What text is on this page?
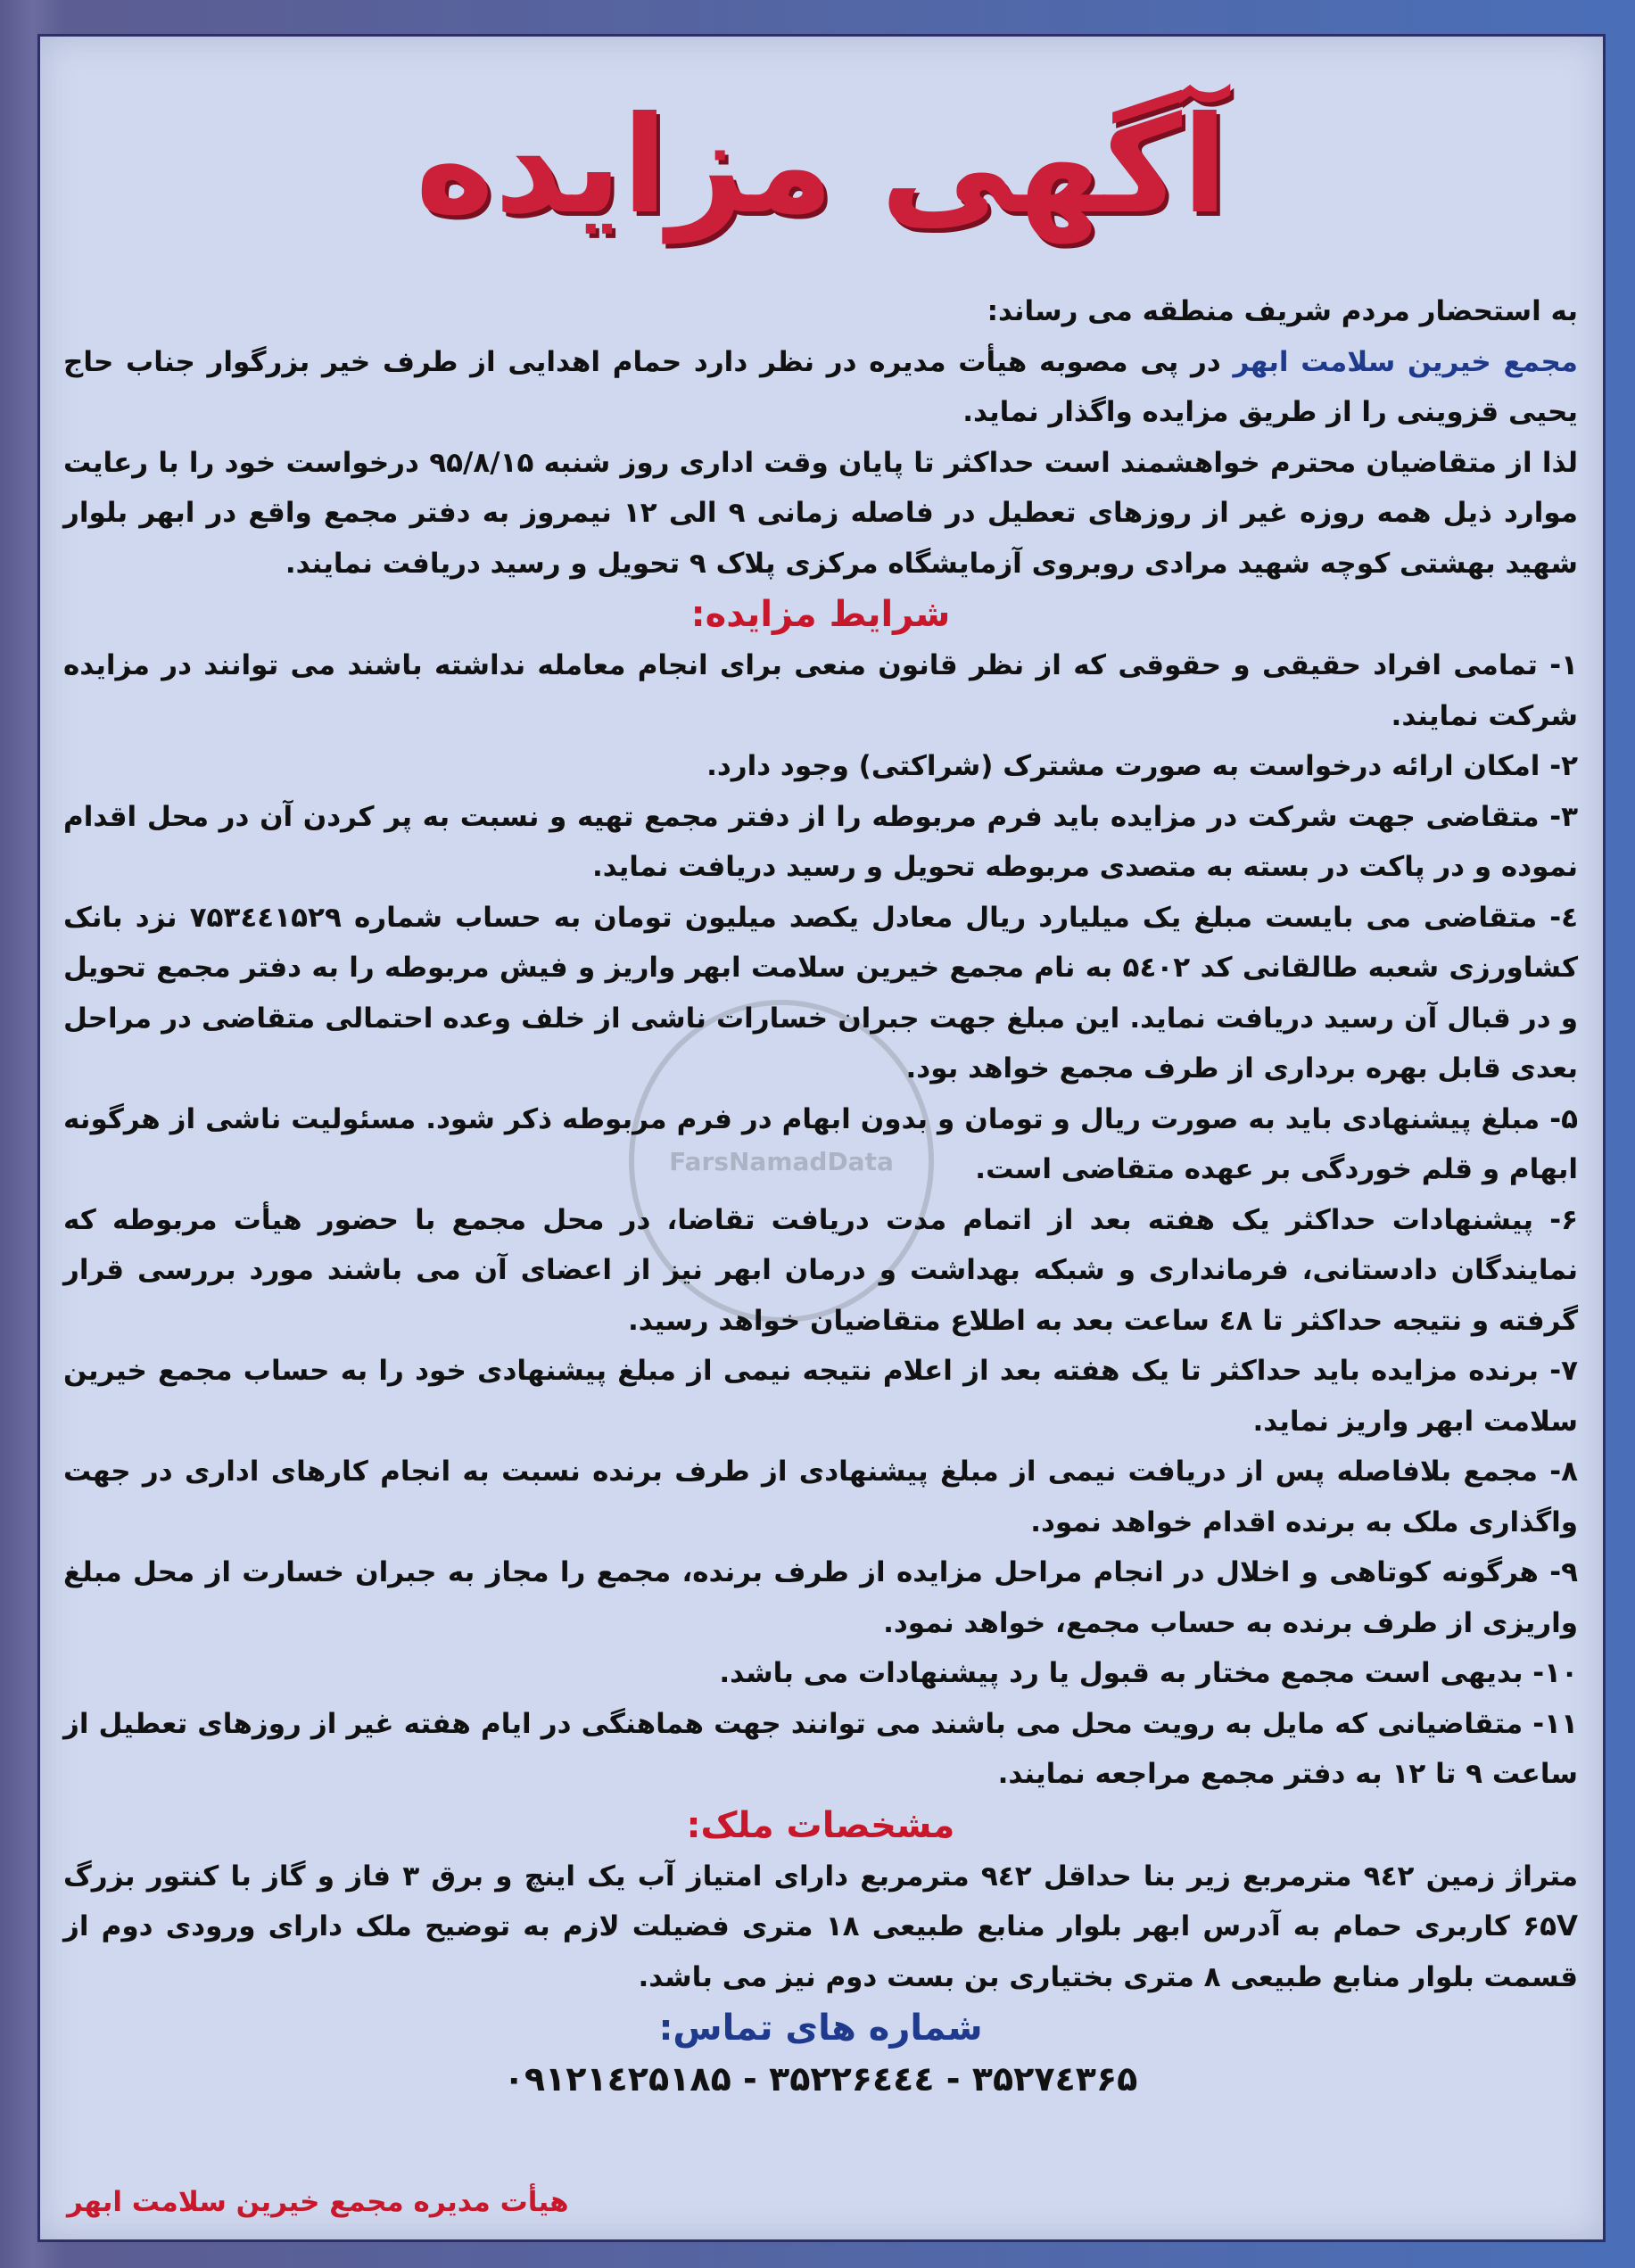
آگهی مزایده
FarsNamadData

به استحضار مردم شریف منطقه می رساند:

مجمع خیرین سلامت ابهر در پی مصوبه هیأت مدیره در نظر دارد حمام اهدایی از طرف خیر بزرگوار جناب حاج یحیی قزوینی را از طریق مزایده واگذار نماید.

لذا از متقاضیان محترم خواهشمند است حداکثر تا پایان وقت اداری روز شنبه ۹۵/۸/۱۵ درخواست خود را با رعایت موارد ذیل همه روزه غیر از روزهای تعطیل در فاصله زمانی ۹ الی ۱۲ نیمروز به دفتر مجمع واقع در ابهر بلوار شهید بهشتی کوچه شهید مرادی روبروی آزمایشگاه مرکزی پلاک ۹ تحویل و رسید دریافت نمایند.

شرایط مزایده:

۱- تمامی افراد حقیقی و حقوقی که از نظر قانون منعی برای انجام معامله نداشته باشند می توانند در مزایده شرکت نمایند.

۲- امکان ارائه درخواست به صورت مشترک (شراکتی) وجود دارد.

۳- متقاضی جهت شرکت در مزایده باید فرم مربوطه را از دفتر مجمع تهیه و نسبت به پر کردن آن در محل اقدام نموده و در پاکت در بسته به متصدی مربوطه تحویل و رسید دریافت نماید.

٤- متقاضی می بایست مبلغ یک میلیارد ریال معادل یکصد میلیون تومان به حساب شماره ۷۵۳٤٤۱۵۲۹ نزد بانک کشاورزی شعبه طالقانی کد ۵٤۰۲ به نام مجمع خیرین سلامت ابهر واریز و فیش مربوطه را به دفتر مجمع تحویل و در قبال آن رسید دریافت نماید. این مبلغ جهت جبران خسارات ناشی از خلف وعده احتمالی متقاضی در مراحل بعدی قابل بهره برداری از طرف مجمع خواهد بود.

۵- مبلغ پیشنهادی باید به صورت ریال و تومان و بدون ابهام در فرم مربوطه ذکر شود. مسئولیت ناشی از هرگونه ابهام و قلم خوردگی بر عهده متقاضی است.

۶- پیشنهادات حداکثر یک هفته بعد از اتمام مدت دریافت تقاضا، در محل مجمع با حضور هیأت مربوطه که نمایندگان دادستانی، فرمانداری و شبکه بهداشت و درمان ابهر نیز از اعضای آن می باشند مورد بررسی قرار گرفته و نتیجه حداکثر تا ٤۸ ساعت بعد به اطلاع متقاضیان خواهد رسید.

۷- برنده مزایده باید حداکثر تا یک هفته بعد از اعلام نتیجه نیمی از مبلغ پیشنهادی خود را به حساب مجمع خیرین سلامت ابهر واریز نماید.

۸- مجمع بلافاصله پس از دریافت نیمی از مبلغ پیشنهادی از طرف برنده نسبت به انجام کارهای اداری در جهت واگذاری ملک به برنده اقدام خواهد نمود.

۹- هرگونه کوتاهی و اخلال در انجام مراحل مزایده از طرف برنده، مجمع را مجاز به جبران خسارت از محل مبلغ واریزی از طرف برنده به حساب مجمع، خواهد نمود.

۱۰- بدیهی است مجمع مختار به قبول یا رد پیشنهادات می باشد.

۱۱- متقاضیانی که مایل به رویت محل می باشند می توانند جهت هماهنگی در ایام هفته غیر از روزهای تعطیل از ساعت ۹ تا ۱۲ به دفتر مجمع مراجعه نمایند.

مشخصات ملک:

متراژ زمین ۹٤۲ مترمربع زیر بنا حداقل ۹٤۲ مترمربع دارای امتیاز آب یک اینچ و برق ۳ فاز و گاز با کنتور بزرگ ۶۵V کاربری حمام به آدرس ابهر بلوار منابع طبیعی ۱۸ متری فضیلت لازم به توضیح ملک دارای ورودی دوم از قسمت بلوار منابع طبیعی ۸ متری بختیاری بن بست دوم نیز می باشد.

شماره های تماس:

۳۵۲۷٤۳۶۵ - ۳۵۲۲۶٤٤٤ - ۰۹۱۲۱٤۲۵۱۸۵

هیأت مدیره مجمع خیرین سلامت ابهر
